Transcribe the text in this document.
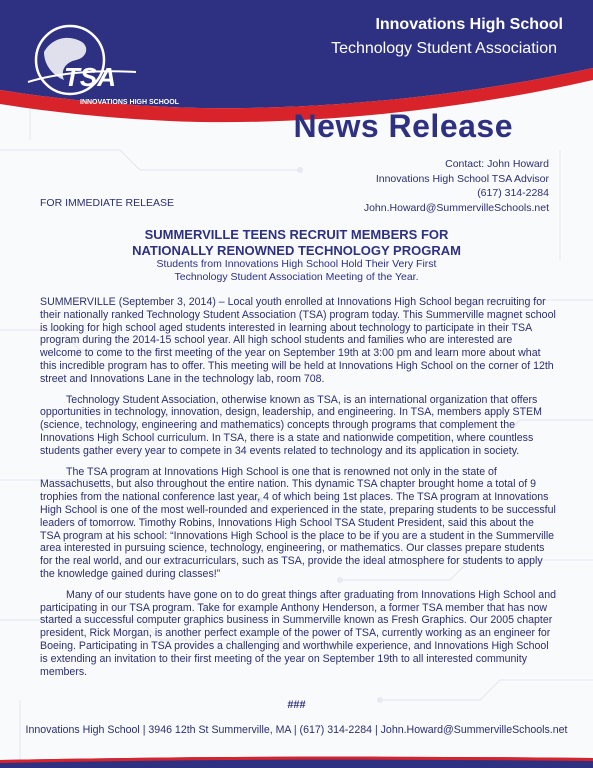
TSA
INNOVATIONS HIGH SCHOOL
Innovations High School
Technology Student Association
News Release
Contact: John Howard
Innovations High School TSA Advisor
(617) 314-2284
John.Howard@SummervilleSchools.net
FOR IMMEDIATE RELEASE
SUMMERVILLE TEENS RECRUIT MEMBERS FOR
NATIONALLY RENOWNED TECHNOLOGY PROGRAM
Students from Innovations High School Hold Their Very First
Technology Student Association Meeting of the Year.

SUMMERVILLE (September 3, 2014) – Local youth enrolled at Innovations High School began recruiting for their nationally ranked Technology Student Association (TSA) program today. This Summerville magnet school is looking for high school aged students interested in learning about technology to participate in their TSA program during the 2014-15 school year. All high school students and families who are interested are welcome to come to the first meeting of the year on September 19th at 3:00 pm and learn more about what this incredible program has to offer. This meeting will be held at Innovations High School on the corner of 12th street and Innovations Lane in the technology lab, room 708.

Technology Student Association, otherwise known as TSA, is an international organization that offers opportunities in technology, innovation, design, leadership, and engineering. In TSA, members apply STEM (science, technology, engineering and mathematics) concepts through programs that complement the Innovations High School curriculum. In TSA, there is a state and nationwide competition, where countless students gather every year to compete in 34 events related to technology and its application in society.

The TSA program at Innovations High School is one that is renowned not only in the state of Massachusetts, but also throughout the entire nation. This dynamic TSA chapter brought home a total of 9 trophies from the national conference last year, 4 of which being 1st places. The TSA program at Innovations High School is one of the most well-rounded and experienced in the state, preparing students to be successful leaders of tomorrow. Timothy Robins, Innovations High School TSA Student President, said this about the TSA program at his school: “Innovations High School is the place to be if you are a student in the Summerville area interested in pursuing science, technology, engineering, or mathematics. Our classes prepare students for the real world, and our extracurriculars, such as TSA, provide the ideal atmosphere for students to apply the knowledge gained during classes!”

Many of our students have gone on to do great things after graduating from Innovations High School and participating in our TSA program. Take for example Anthony Henderson, a former TSA member that has now started a successful computer graphics business in Summerville known as Fresh Graphics. Our 2005 chapter president, Rick Morgan, is another perfect example of the power of TSA, currently working as an engineer for Boeing. Participating in TSA provides a challenging and worthwhile experience, and Innovations High School is extending an invitation to their first meeting of the year on September 19th to all interested community members.

###
Innovations High School | 3946 12th St Summerville, MA | (617) 314-2284 | John.Howard@SummervilleSchools.net
